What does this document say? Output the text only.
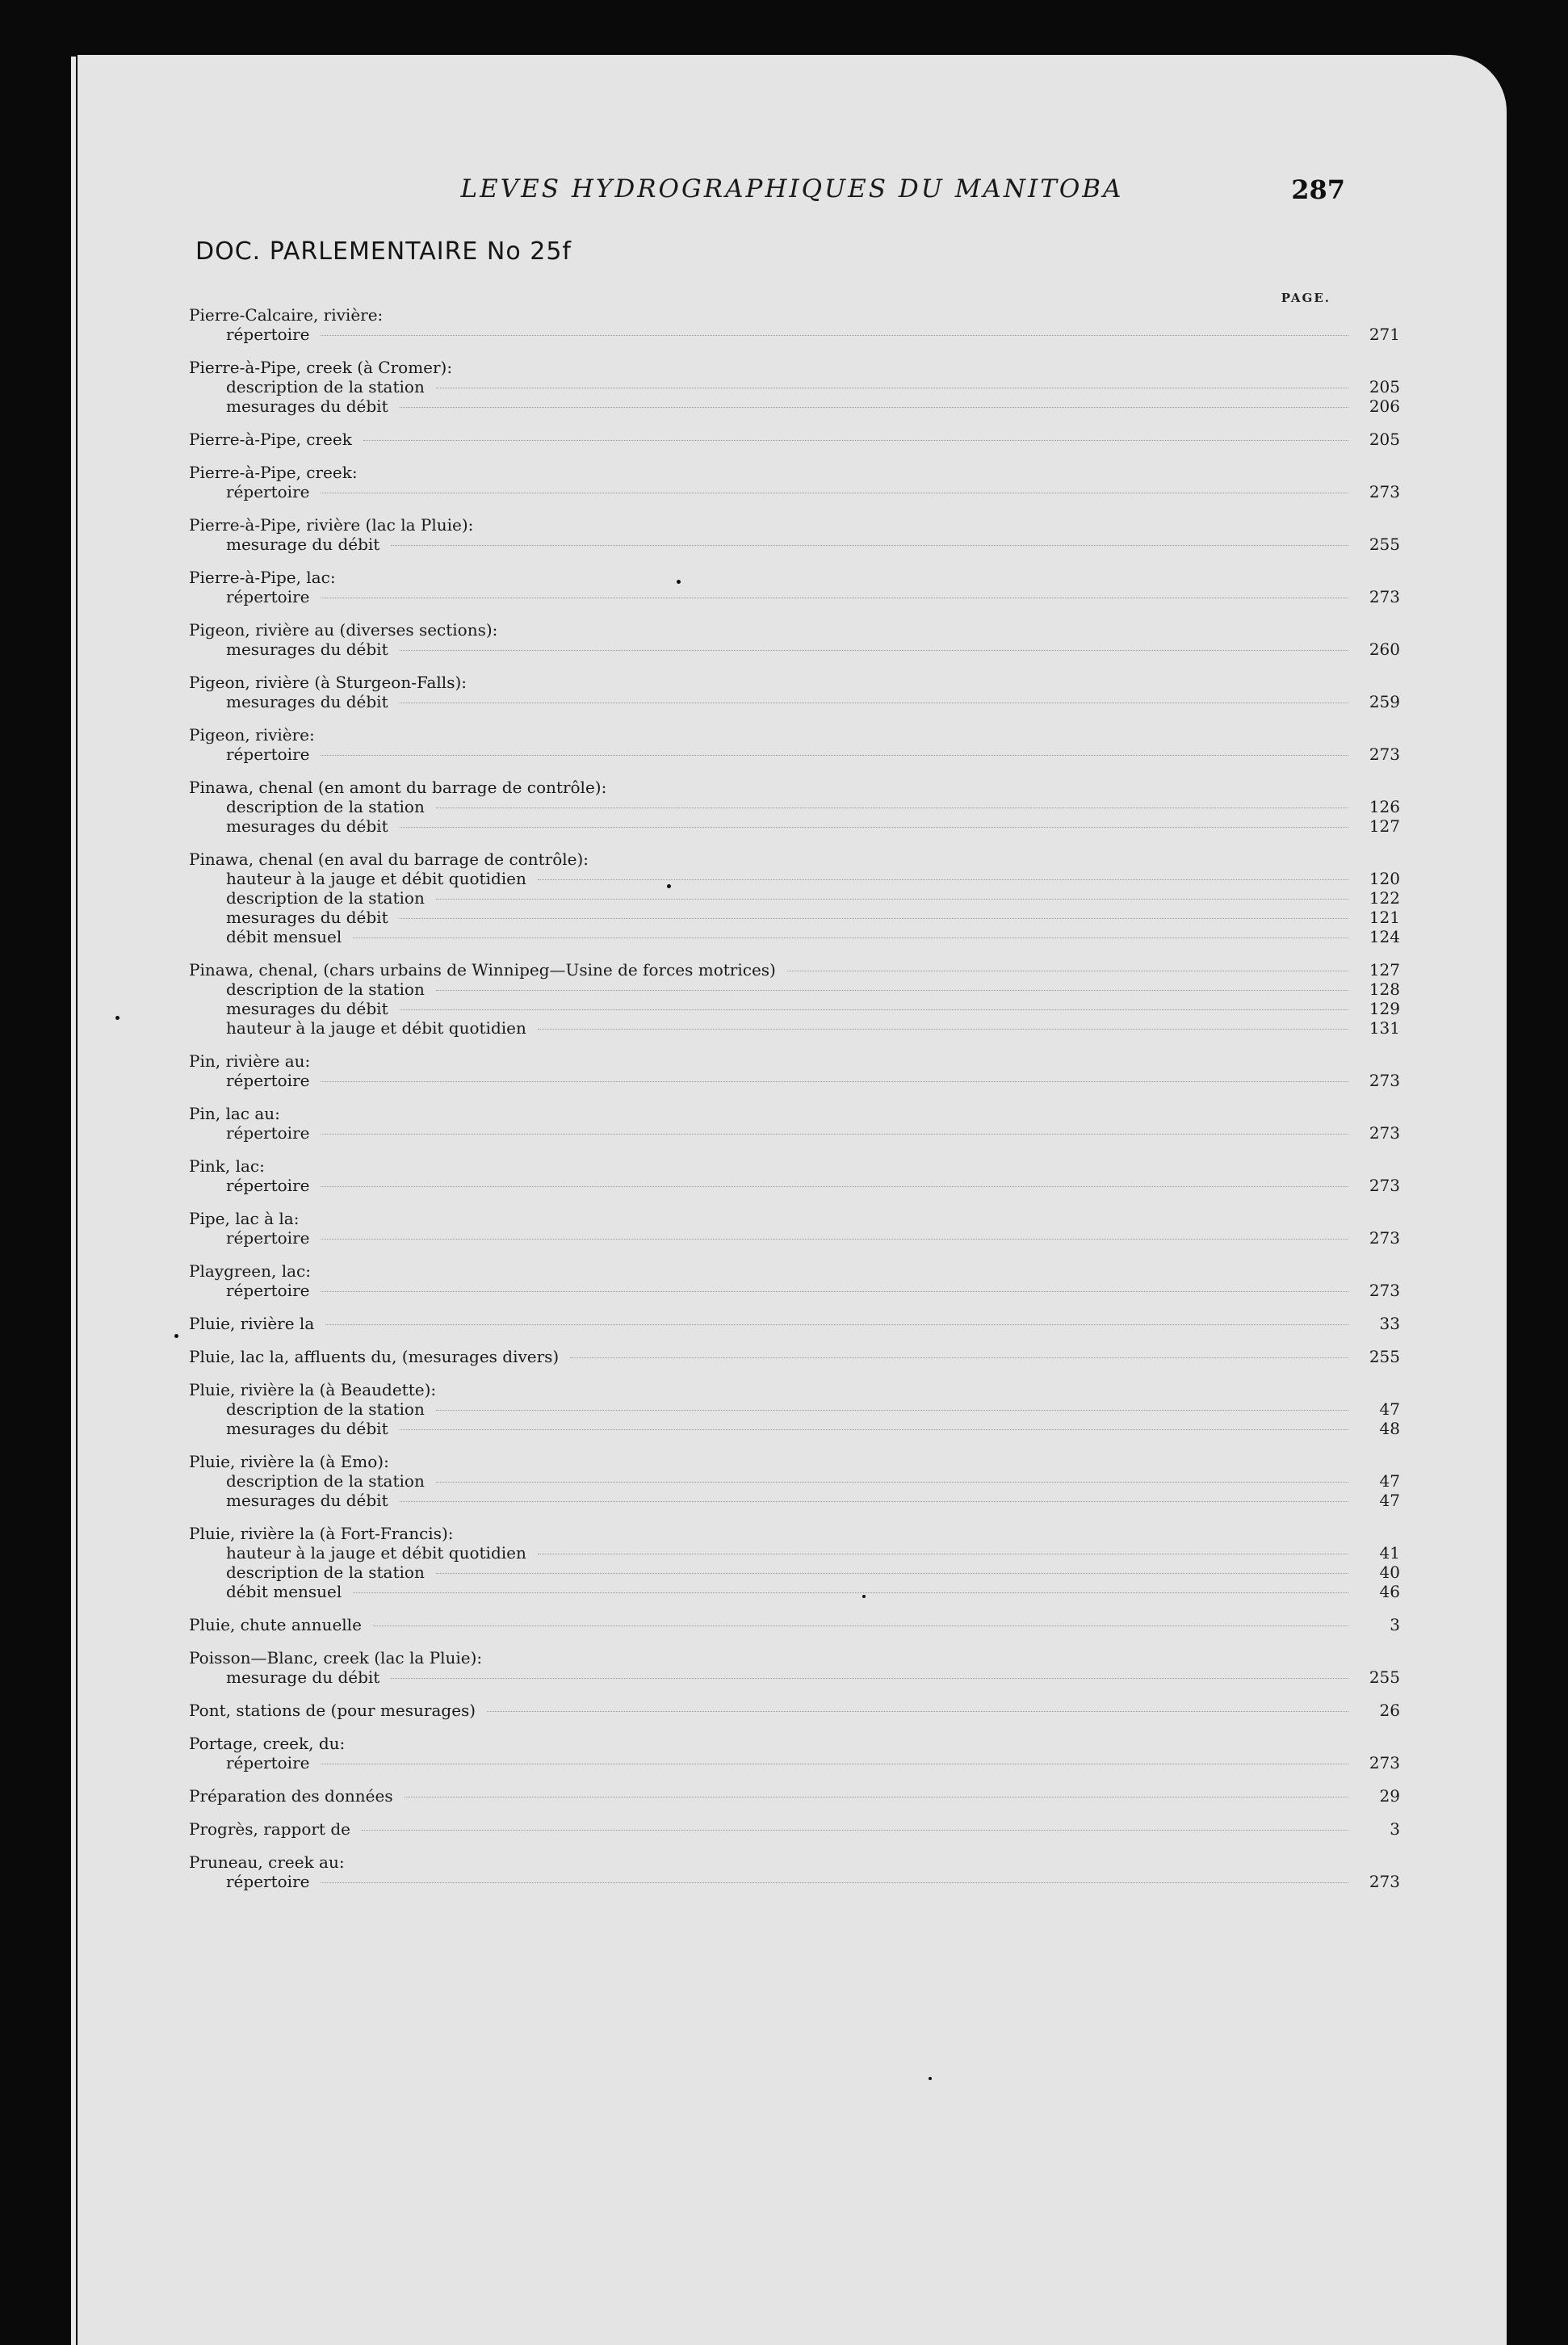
LEVES HYDROGRAPHIQUES DU MANITOBA	287
DOC. PARLEMENTAIRE No 25f
PAGE.
Pierre-Calcaire, rivière:
répertoire	271
Pierre-à-Pipe, creek (à Cromer):
description de la station	205
mesurages du débit	206
Pierre-à-Pipe, creek	205
Pierre-à-Pipe, creek:
répertoire	273
Pierre-à-Pipe, rivière (lac la Pluie):
mesurage du débit	255
Pierre-à-Pipe, lac:
répertoire	273
Pigeon, rivière au (diverses sections):
mesurages du débit	260
Pigeon, rivière (à Sturgeon-Falls):
mesurages du débit	259
Pigeon, rivière:
répertoire	273
Pinawa, chenal (en amont du barrage de contrôle):
description de la station	126
mesurages du débit	127
Pinawa, chenal (en aval du barrage de contrôle):
hauteur à la jauge et débit quotidien	120
description de la station	122
mesurages du débit	121
débit mensuel	124
Pinawa, chenal, (chars urbains de Winnipeg—Usine de forces motrices)	127
description de la station	128
mesurages du débit	129
hauteur à la jauge et débit quotidien	131
Pin, rivière au:
répertoire	273
Pin, lac au:
répertoire	273
Pink, lac:
répertoire	273
Pipe, lac à la:
répertoire	273
Playgreen, lac:
répertoire	273
Pluie, rivière la	33
Pluie, lac la, affluents du, (mesurages divers)	255
Pluie, rivière la (à Beaudette):
description de la station	47
mesurages du débit	48
Pluie, rivière la (à Emo):
description de la station	47
mesurages du débit	47
Pluie, rivière la (à Fort-Francis):
hauteur à la jauge et débit quotidien	41
description de la station	40
débit mensuel	46
Pluie, chute annuelle	3
Poisson—Blanc, creek (lac la Pluie):
mesurage du débit	255
Pont, stations de (pour mesurages)	26
Portage, creek, du:
répertoire	273
Préparation des données	29
Progrès, rapport de	3
Pruneau, creek au:
répertoire	273
